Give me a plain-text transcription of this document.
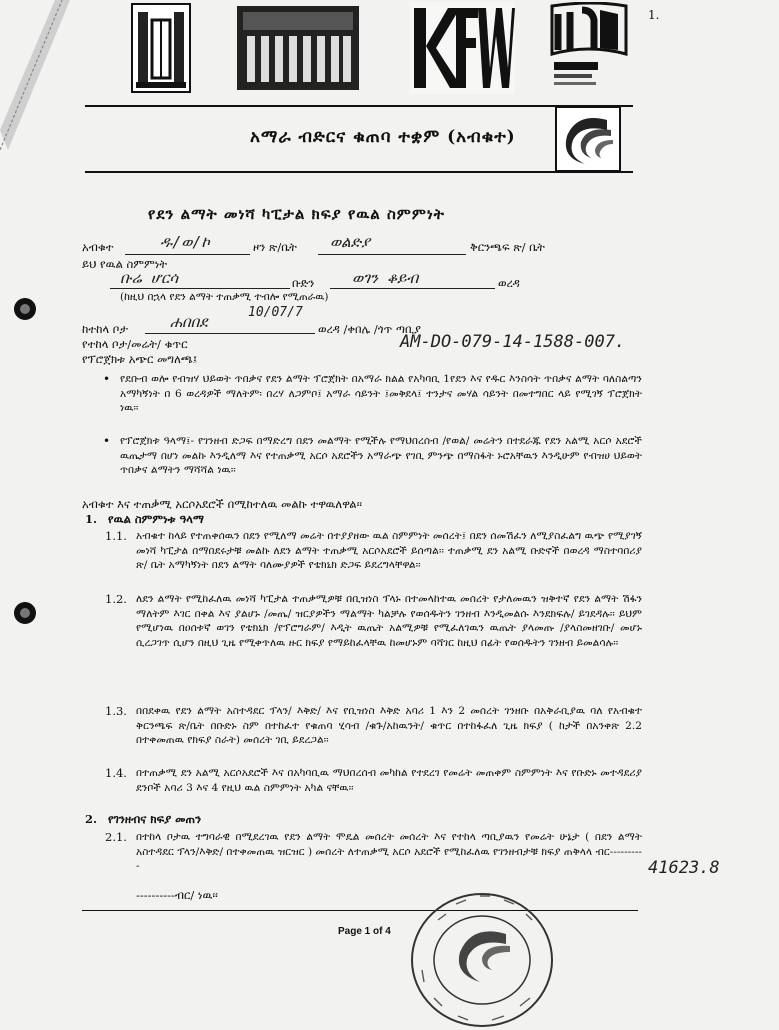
1.
አማራ ብድርና ቁጠባ ተቋም (አብቁተ)
የደን ልማት መነሻ ካፒታል ክፍያ የዉል ስምምነት
አብቁተ	ዱ/ወ/ኮ	ዞን ጽ/ቤት ወልድያ	ቅርንጫፍ ጽ/ ቤት
ይህ የዉል ስምምነት
ቡሬ ሆርሳ	ቡድን	ወገን ቆይብ	ወረዳ
(ከዚህ በኋላ የደን ልማት ተጠቃሚ ተብሎ የሚጠራዉ)
ከተከላ ቦታ	ሐበበደ
10/07/7
ወረዳ /ቀበሌ /ጎጥ ጣቢያ
የተከላ ቦታ/መሬት/ ቁጥር	AM-DO-079-14-1588-007.
የፕሮጀክቱ አጭር መግለጫ፤
• የደቡብ ወሎ የብዝሃ ህይወት ጥበቃና የደን ልማት ፕሮጀክት በአማራ ክልል የአካባቢ 1የደን እና የዱር እንስሳት ጥበቃና ልማት ባለስልጣን አማካኝነት በ 6 ወረዳዎች ማለትም፡ በረሃ ለጋምቦ፤ አማራ ሳይንት ፤መቅደላ፤ ተንታና መሃል ሳይንት በመተግበር ላይ የሚገኝ ፕሮጀክት ነዉ፡፡
• የፕሮጀክቱ ዓላማ፤- የገንዘብ ድጋፍ በማድረግ በደን መልማት የሚችሉ የማህበረሰብ /የወል/ መሬትን በተደራጁ የደን አልሚ አርሶ አደሮች ዉጤታማ በሆነ መልኩ እንዲለማ እና የተጠቃሚ አርሶ አደሮችን አማራጭ የገቢ ምንጭ በማስፋት ኑሮአቸዉን እንዲሁም የብዝሀ ህይወት ጥበቃና ልማትን ማሻሻል ነዉ፡፡
አብቁተ እና ተጠቃሚ አርሶአደሮች በሚከተለዉ መልኩ ተዋዉለዋል፡፡
1. የዉል ስምምነቱ ዓላማ
1.1. አብቁተ ከላይ የተጠቀሰዉን በደን የሚለማ መሬት በተያያዘው ዉል ስምምነት መሰረት፤ በደን ሰመሽፈን ለሚያስፈልግ ዉጭ የሚያገኝ መነሻ ካፒታል በማበደሩታቹ መልኩ ለደን ልማት ተጠቃሚ አርሶአደሮች ይሰጣል፡፡ ተጠቃሚ ደን አልሚ ቡድኖች በወረዳ ማስተባበሪያ ጽ/ ቤት አማካኝነት በደን ልማት ባለሙያዎች የቴክኒክ ድጋፍ ይደረግላቸዋል፡፡
1.2. ለደን ልማት የሚከፈለዉ መነሻ ካፒታል ተጠቃሚዎቹ በቢዝነስ ፕላኑ በተመላከተዉ መሰረት የታለመዉን ዝቅተኛ የደን ልማት ሽፋን ማለትም እገር በቀል እና ያልሆኑ /መጤ/ ዝርያዎችን ማልማት ካልቻሉ የወሰዱትን ገንዘብ እንዲመልሱ እንደክፍሉ/ ይገደዳሉ፡፡ ይህም የሚሆነዉ በዐሰቱኛ ወገን የቴክኒክ /የፕሮግራም/ እዲት ዉጤት አልሚዎቹ የሚፈለገዉን ዉጤት ያላመጡ /ያላስመዘገቡ/ መሆኑ ሲረጋገጥ ሲሆን በዚህ ጊዜ የሚቀጥለዉ ዙር ክፍያ የማይከፈላቸዉ ከመሆኑም ባሻገር ከዚህ በፊት የወሰዱትን ገንዘብ ይመልሳሉ፡፡
1.3. በበደቀዉ የደን ልማት አስተዳደር ፕላን/ እቅድ/ እና የቢዝነስ እቅድ አባሪ 1 እን 2 መሰረት ገንዘቡ በአቅራቢያዉ ባለ የአብቁተ ቅርንጫፍ ጽ/ቤት በቡድኑ ስም በተከፈተ የቁጠባ ሂሳብ /ቁጉ/አከዉንት/ ቁጥር በተከፋፈለ ጊዜ ክፍያ ( ከታች በአንቀጽ 2.2 በተቀመጠዉ የክፍያ ስራት) መሰረት ገቢ ይደረጋል፡፡
1.4. በተጠቃሚ ደን አልሚ አርሶአደሮች እና በአካባቢዉ ማህበረሰብ መካከል የተደረገ የመሬት መጠቀም ስምምነት እና የቡድኑ መተዳደሪያ ደንቦች አባሪ 3 እና 4 የዚህ ዉል ስምምነት አካል ናቸዉ፡፡
2. የገንዘብና ክፍያ መጠን
2.1. በተከላ ቦታዉ ተግባራዊ በሚደረገዉ የደን ልማት ሞዴል መሰረት መሰረት እና የተከላ ጣቢያዉን የመሬት ሁኔታ ( በደን ልማት አስተዳደር ፕላን/እቅድ/ በተቀመጠዉ ዝርዝር ) መሰረት ለተጠቃሚ አርሶ አደሮች የሚከፈለዉ የገንዘብታቹ ክፍያ ጠቅላላ ብር----------
----------ብር/ ነዉ፡፡
41623.8
Page 1 of 4
